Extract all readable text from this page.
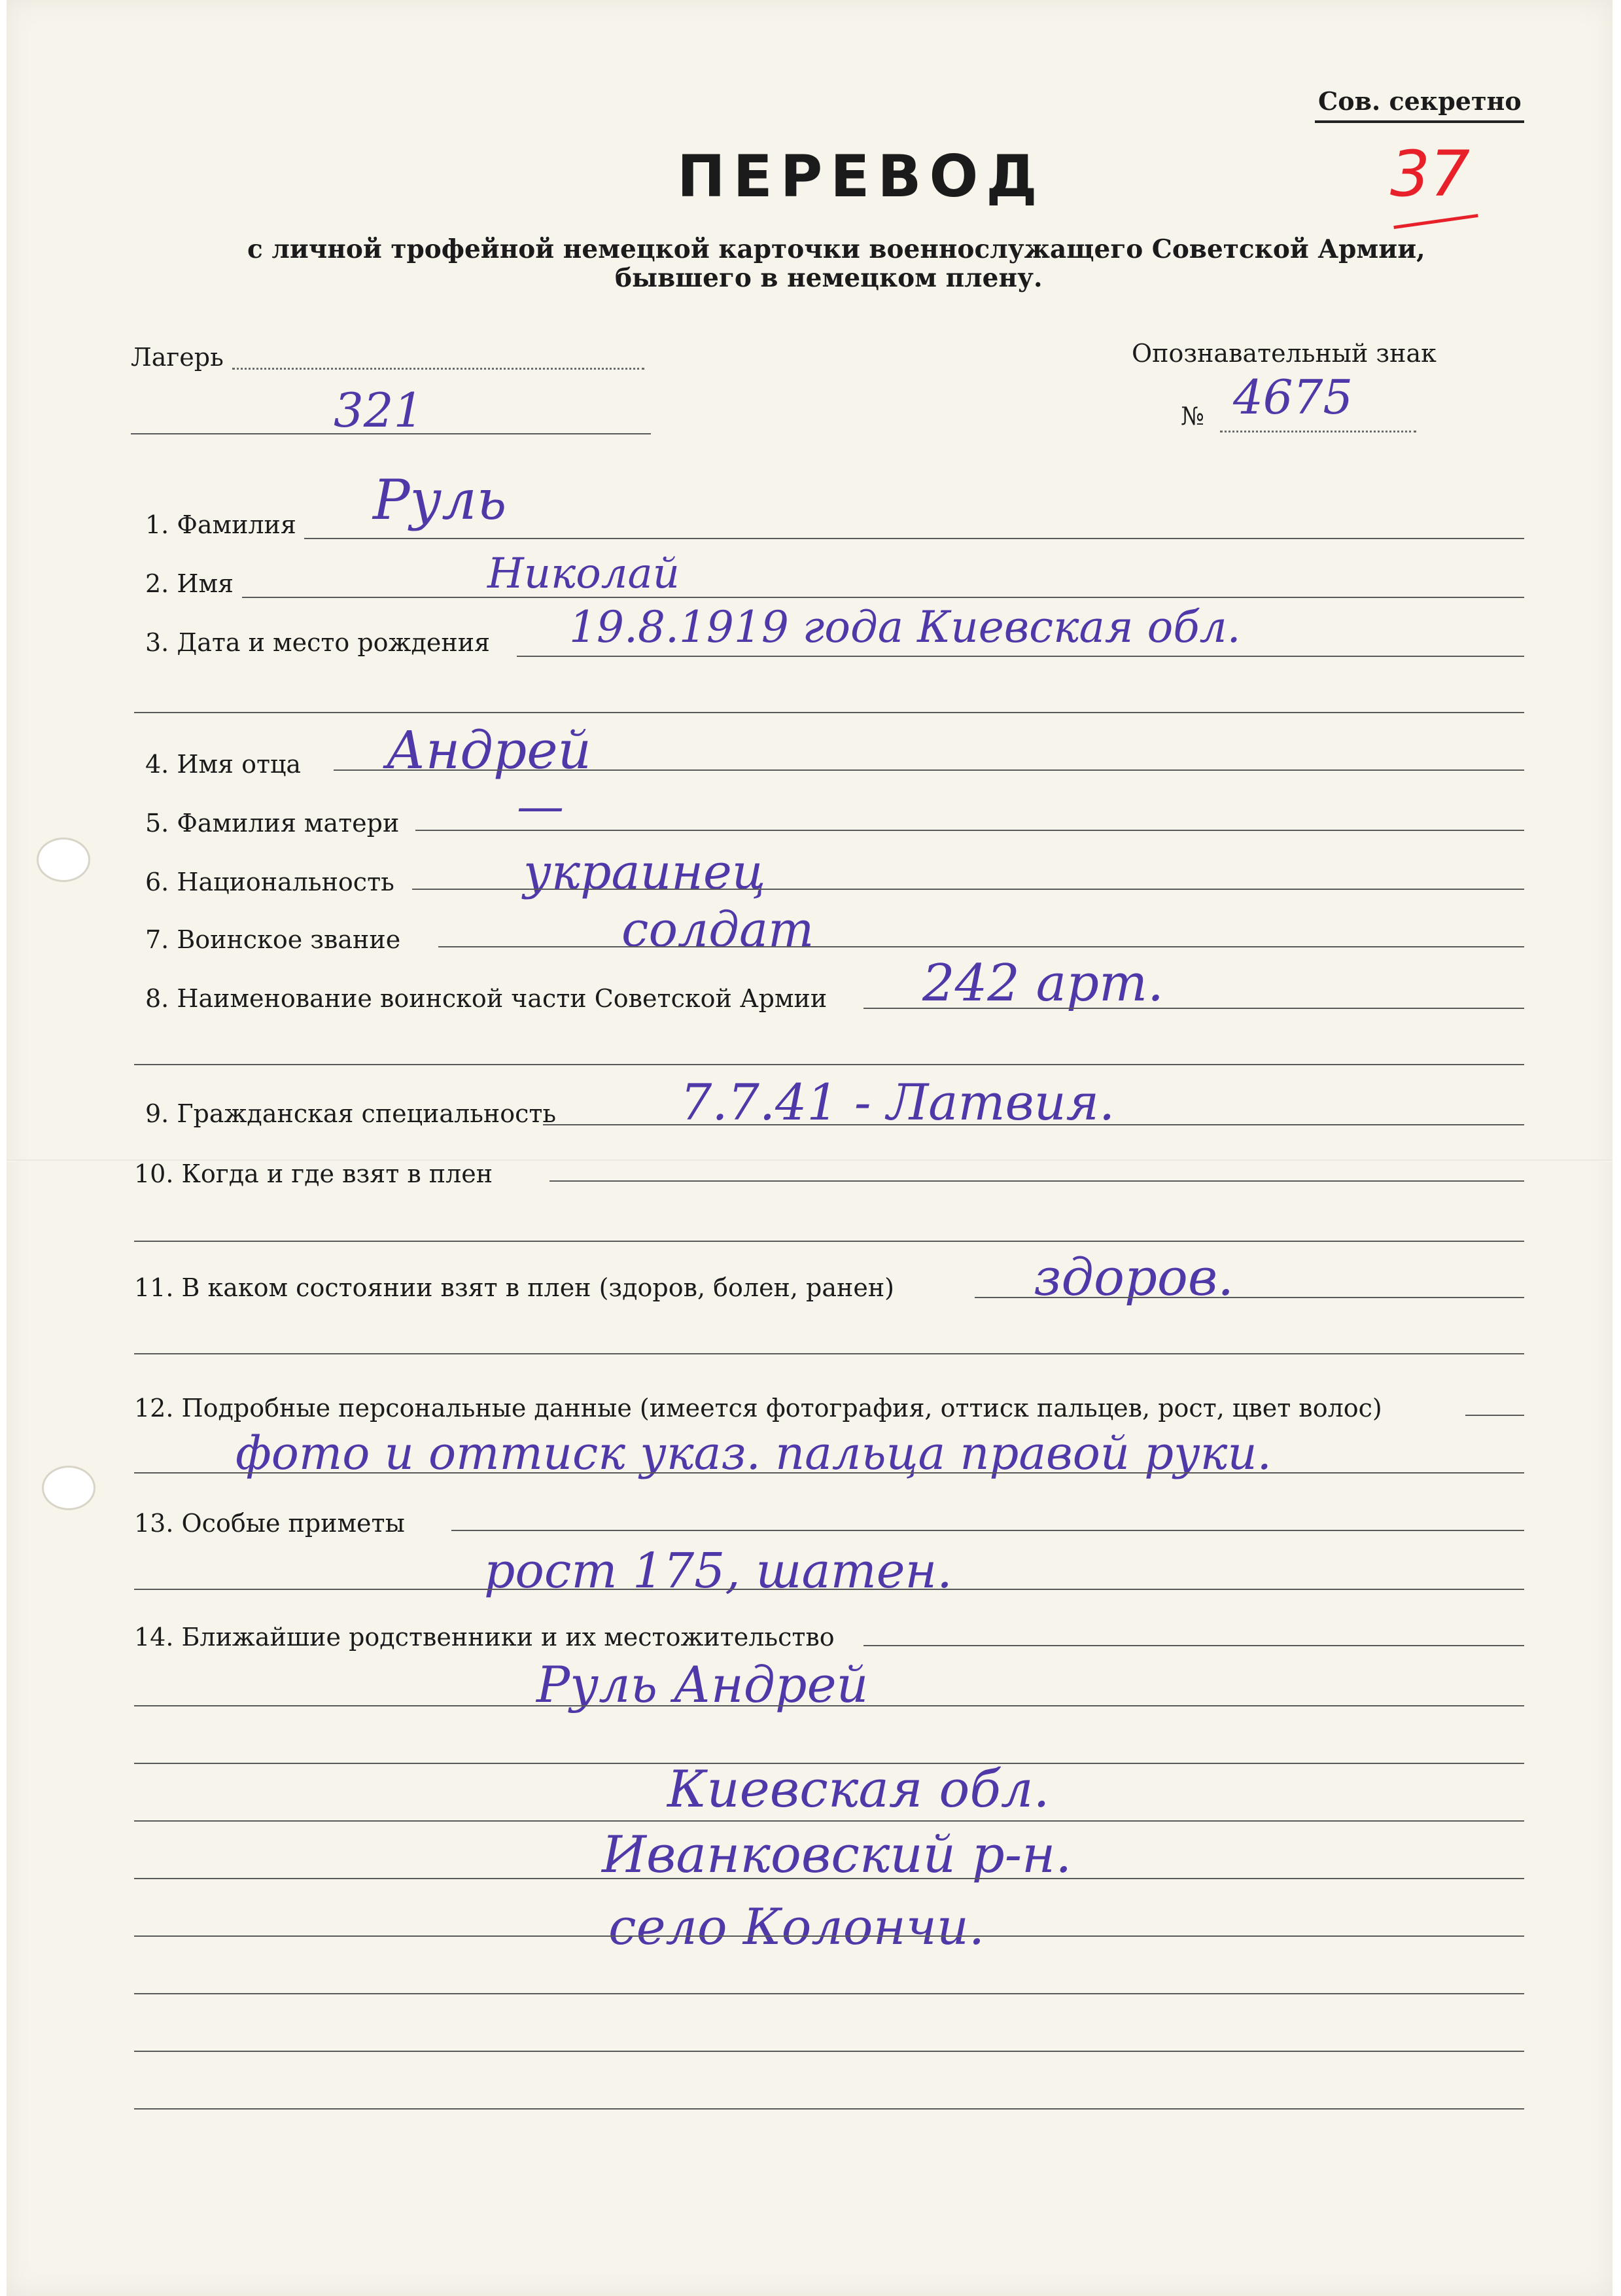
Сов. секретно
37
ПЕРЕВОД
с личной трофейной немецкой карточки военнослужащего Советской Армии,
бывшего в немецком плену.
Лагерь
321
Опознавательный знак
№ 4675
1. Фамилия Руль
2. Имя	Николай
3. Дата и место рождения 19.8.1919 года Киевская обл.
4. Имя отца Андрей
5. Фамилия матери —
6. Национальность	украинец
7. Воинское звание	солдат
8. Наименование воинской части Советской Армии 242 арт.
9. Гражданская специальность 7.7.41 - Латвия.
10. Когда и где взят в плен
11. В каком состоянии взят в плен (здоров, болен, ранен)	здоров.
12. Подробные персональные данные (имеется фотография, оттиск пальцев, рост, цвет волос)
фото и оттиск указ. пальца правой руки.
13. Особые приметы
рост 175, шатен.
14. Ближайшие родственники и их местожительство
Руль Андрей
Киевская обл.
Иванковский р-н.
село Колончи.
